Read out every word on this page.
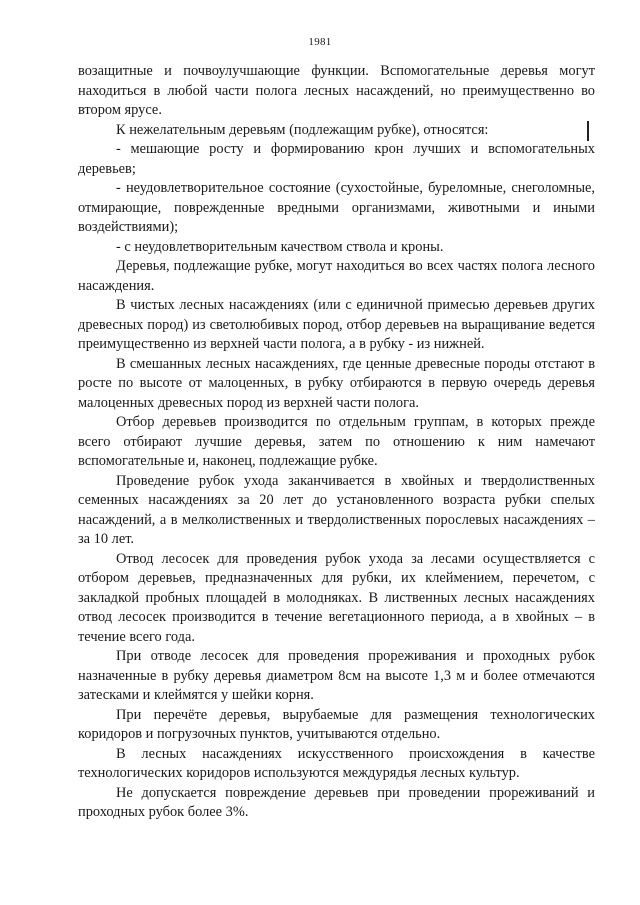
1981

возащитные и почвоулучшающие функции. Вспомогательные деревья могут находиться в любой части полога лесных насаждений, но преимущественно во втором ярусе.

К нежелательным деревьям (подлежащим рубке), относятся:

- мешающие росту и формированию крон лучших и вспомогательных деревьев;

- неудовлетворительное состояние (сухостойные, буреломные, снеголомные, отмирающие, поврежденные вредными организмами, животными и иными воздействиями);

- с неудовлетворительным качеством ствола и кроны.

Деревья, подлежащие рубке, могут находиться во всех частях полога лесного насаждения.

В чистых лесных насаждениях (или с единичной примесью деревьев других древесных пород) из светолюбивых пород, отбор деревьев на выращивание ведется преимущественно из верхней части полога, а в рубку - из нижней.

В смешанных лесных насаждениях, где ценные древесные породы отстают в росте по высоте от малоценных, в рубку отбираются в первую очередь деревья малоценных древесных пород из верхней части полога.

Отбор деревьев производится по отдельным группам, в которых прежде всего отбирают лучшие деревья, затем по отношению к ним намечают вспомогательные и, наконец, подлежащие рубке.

Проведение рубок ухода заканчивается в хвойных и твердолиственных семенных насаждениях за 20 лет до установленного возраста рубки спелых насаждений, а в мелколиственных и твердолиственных порослевых насаждениях – за 10 лет.

Отвод лесосек для проведения рубок ухода за лесами осуществляется с отбором деревьев, предназначенных для рубки, их клеймением, перечетом, с закладкой пробных площадей в молодняках. В лиственных лесных насаждениях отвод лесосек производится в течение вегетационного периода, а в хвойных – в течение всего года.

При отводе лесосек для проведения прореживания и проходных рубок назначенные в рубку деревья диаметром 8см на высоте 1,3 м и более отмечаются затесками и клеймятся у шейки корня.

При перечёте деревья, вырубаемые для размещения технологических коридоров и погрузочных пунктов, учитываются отдельно.

В лесных насаждениях искусственного происхождения в качестве технологических коридоров используются междурядья лесных культур.

Не допускается повреждение деревьев при проведении прореживаний и проходных рубок более 3%.
